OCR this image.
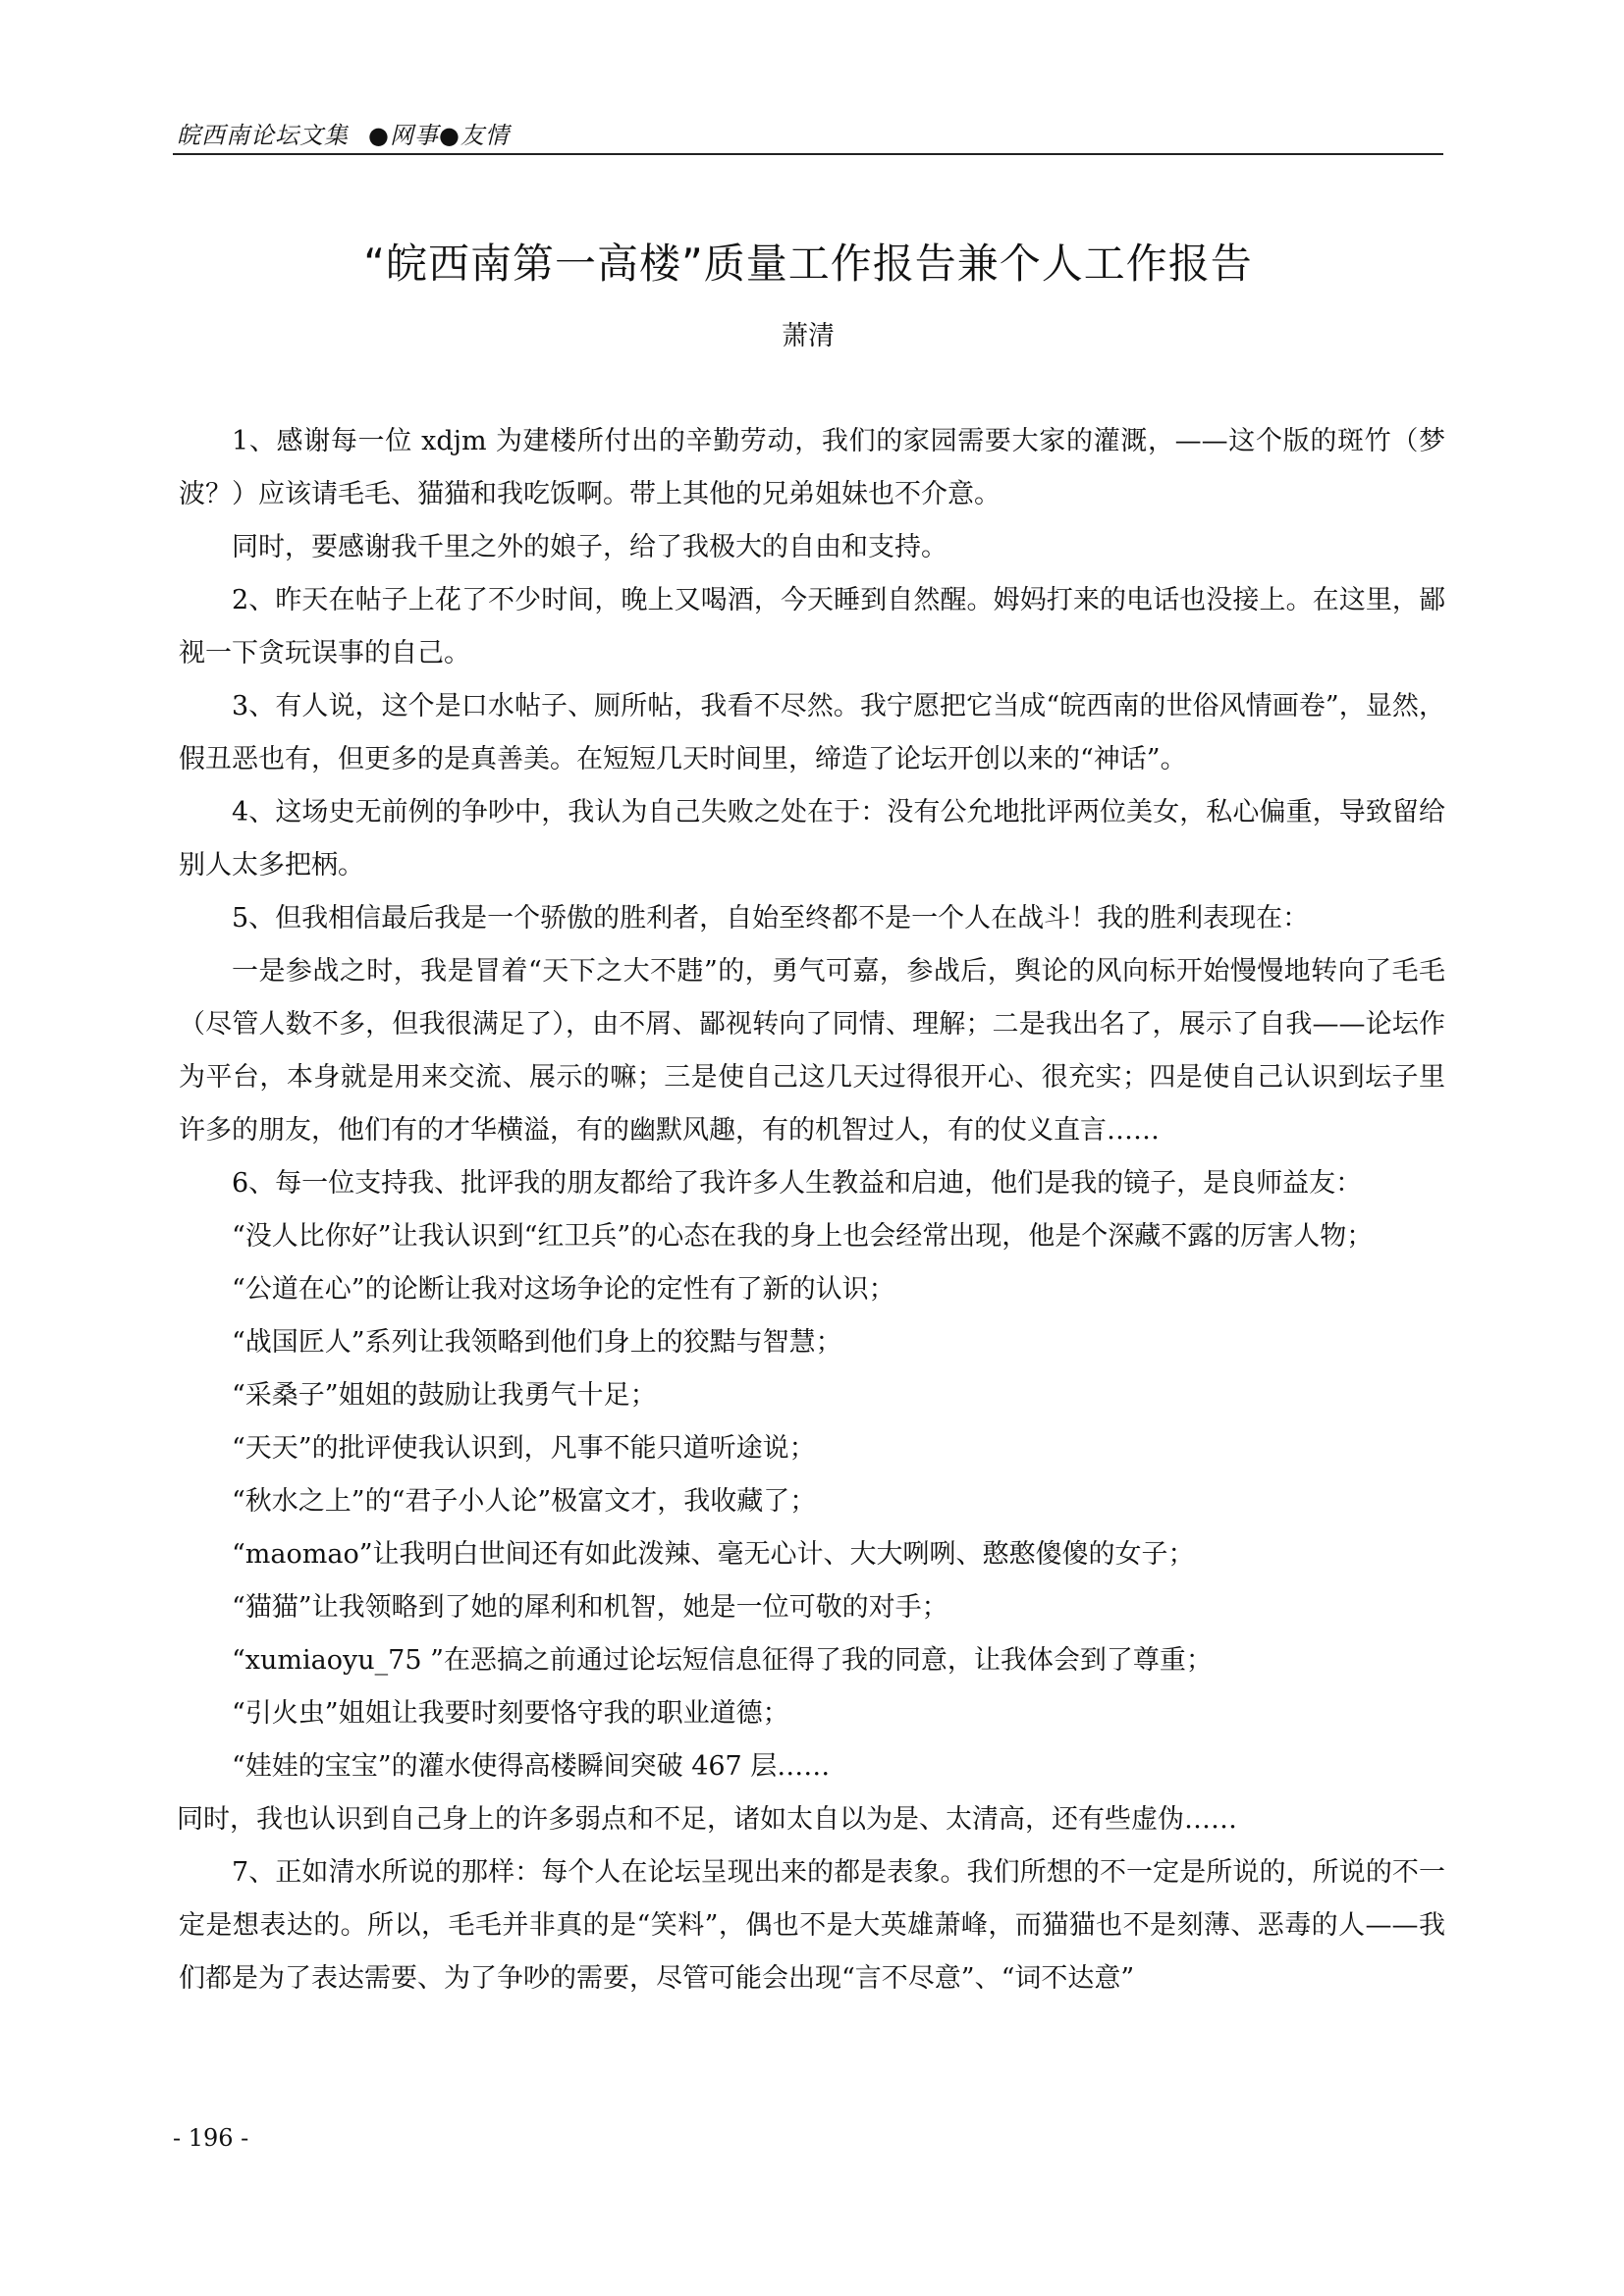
皖西南论坛文集 ●网事●友情
“皖西南第一高楼”质量工作报告兼个人工作报告
萧清

1、感谢每一位 xdjm 为建楼所付出的辛勤劳动，我们的家园需要大家的灌溉，——这个版的斑竹（梦波？）应该请毛毛、猫猫和我吃饭啊。带上其他的兄弟姐妹也不介意。

同时，要感谢我千里之外的娘子，给了我极大的自由和支持。

2、昨天在帖子上花了不少时间，晚上又喝酒，今天睡到自然醒。姆妈打来的电话也没接上。在这里，鄙视一下贪玩误事的自己。

3、有人说，这个是口水帖子、厕所帖，我看不尽然。我宁愿把它当成“皖西南的世俗风情画卷”，显然，假丑恶也有，但更多的是真善美。在短短几天时间里，缔造了论坛开创以来的“神话”。

4、这场史无前例的争吵中，我认为自己失败之处在于：没有公允地批评两位美女，私心偏重，导致留给别人太多把柄。

5、但我相信最后我是一个骄傲的胜利者，自始至终都不是一个人在战斗！我的胜利表现在：

一是参战之时，我是冒着“天下之大不韪”的，勇气可嘉，参战后，舆论的风向标开始慢慢地转向了毛毛（尽管人数不多，但我很满足了），由不屑、鄙视转向了同情、理解；二是我出名了，展示了自我——论坛作为平台，本身就是用来交流、展示的嘛；三是使自己这几天过得很开心、很充实；四是使自己认识到坛子里许多的朋友，他们有的才华横溢，有的幽默风趣，有的机智过人，有的仗义直言……

6、每一位支持我、批评我的朋友都给了我许多人生教益和启迪，他们是我的镜子，是良师益友：

“没人比你好”让我认识到“红卫兵”的心态在我的身上也会经常出现，他是个深藏不露的厉害人物；

“公道在心”的论断让我对这场争论的定性有了新的认识；

“战国匠人”系列让我领略到他们身上的狡黠与智慧；

“采桑子”姐姐的鼓励让我勇气十足；

“天天”的批评使我认识到，凡事不能只道听途说；

“秋水之上”的“君子小人论”极富文才，我收藏了；

“maomao”让我明白世间还有如此泼辣、毫无心计、大大咧咧、憨憨傻傻的女子；

“猫猫”让我领略到了她的犀利和机智，她是一位可敬的对手；

“xumiaoyu_75 ”在恶搞之前通过论坛短信息征得了我的同意，让我体会到了尊重；

“引火虫”姐姐让我要时刻要恪守我的职业道德；

“娃娃的宝宝”的灌水使得高楼瞬间突破 467 层……

同时，我也认识到自己身上的许多弱点和不足，诸如太自以为是、太清高，还有些虚伪……

7、正如清水所说的那样：每个人在论坛呈现出来的都是表象。我们所想的不一定是所说的，所说的不一定是想表达的。所以，毛毛并非真的是“笑料”，偶也不是大英雄萧峰，而猫猫也不是刻薄、恶毒的人——我们都是为了表达需要、为了争吵的需要，尽管可能会出现“言不尽意”、“词不达意”

- 196 -
